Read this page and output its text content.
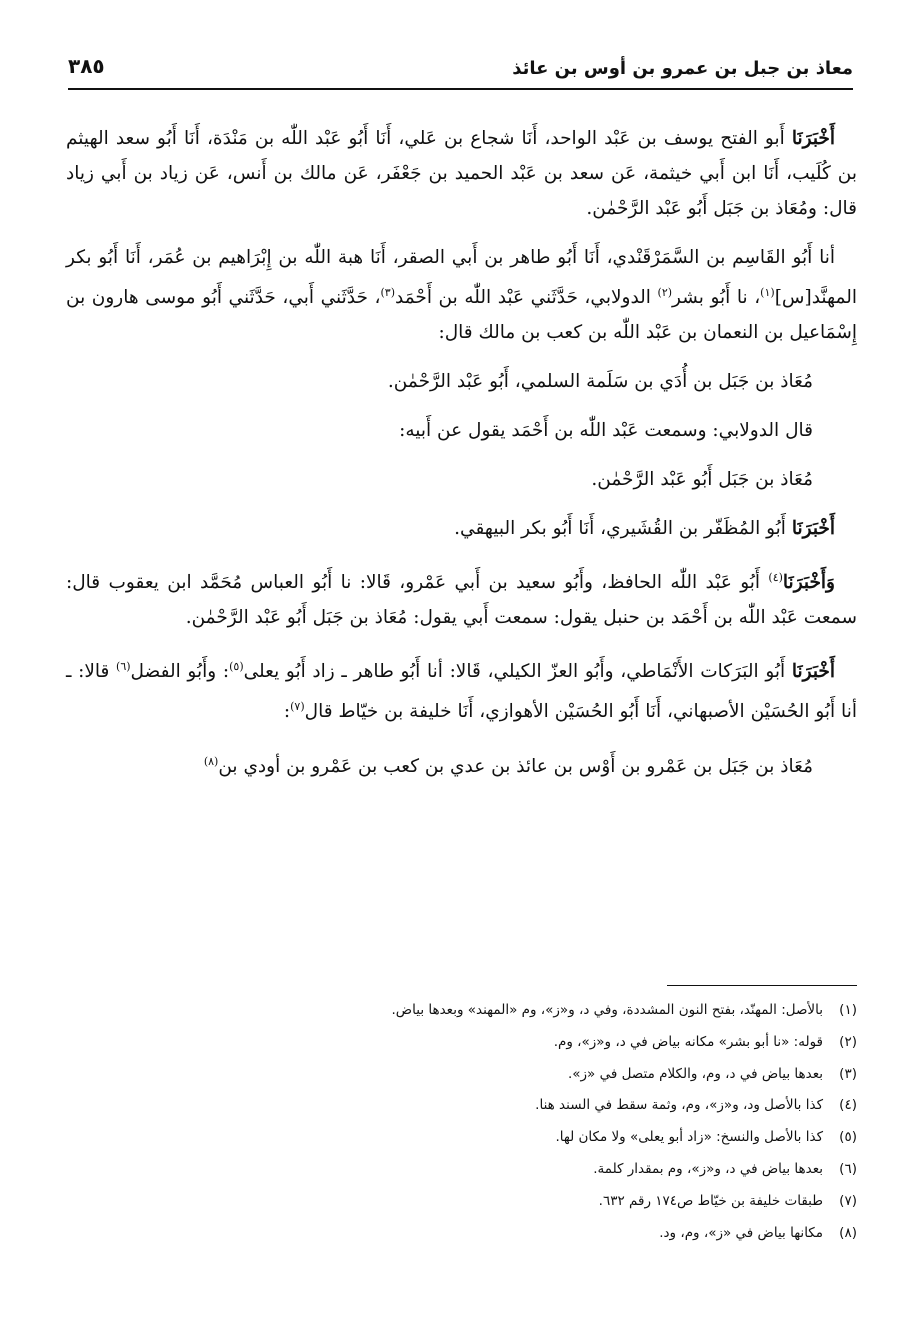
معاذ بن جبل بن عمرو بن أوس بن عائذ
٣٨٥

أَخْبَرَنَا أَبو الفتح يوسف بن عَبْد الواحد، أَنَا شجاع بن عَلي، أَنَا أَبُو عَبْد اللّٰه بن مَنْدَة، أَنَا أَبُو سعد الهيثم بن كُلَيب، أَنَا ابن أَبي خيثمة، عَن سعد بن عَبْد الحميد بن جَعْفَر، عَن مالك بن أَنس، عَن زياد بن أَبي زياد قال: ومُعَاذ بن جَبَل أَبُو عَبْد الرَّحْمٰن.

أنا أَبُو القَاسِم بن السَّمَرْقَنْدي، أَنَا أَبُو طاهر بن أَبي الصقر، أَنَا هبة اللّٰه بن إِبْرَاهيم بن عُمَر، أَنَا أَبُو بكر المهنَّد[س]$^{(١)}$، نا أَبُو بشر$^{(٢)}$ الدولابي، حَدَّثَني عَبْد اللّٰه بن أَحْمَد$^{(٣)}$، حَدَّثَني أَبي، حَدَّثَني أَبُو موسى هارون بن إِسْمَاعيل بن النعمان بن عَبْد اللّٰه بن كعب بن مالك قال:

مُعَاذ بن جَبَل بن أُدَي بن سَلَمة السلمي، أَبُو عَبْد الرَّحْمٰن.

قال الدولابي: وسمعت عَبْد اللّٰه بن أَحْمَد يقول عن أَبيه:

مُعَاذ بن جَبَل أَبُو عَبْد الرَّحْمٰن.

أَخْبَرَنَا أَبُو المُظَفّر بن القُشَيري، أَنَا أَبُو بكر البيهقي.

وَأَخْبَرَنَا$^{(٤)}$ أَبُو عَبْد اللّٰه الحافظ، وأَبُو سعيد بن أَبي عَمْرو، قَالا: نا أَبُو العباس مُحَمَّد ابن يعقوب قال: سمعت عَبْد اللّٰه بن أَحْمَد بن حنبل يقول: سمعت أَبي يقول: مُعَاذ بن جَبَل أَبُو عَبْد الرَّحْمٰن.

أَخْبَرَنَا أَبُو البَرَكات الأَنْمَاطي، وأَبُو العزّ الكيلي، قَالا: أنا أَبُو طاهر ـ زاد أَبُو يعلى$^{(٥)}$: وأَبُو الفضل$^{(٦)}$ قالا: ـ أنا أَبُو الحُسَيْن الأصبهاني، أَنَا أَبُو الحُسَيْن الأهوازي، أَنَا خليفة بن خيّاط قال$^{(٧)}$:

مُعَاذ بن جَبَل بن عَمْرو بن أَوْس بن عائذ بن عدي بن كعب بن عَمْرو بن أودي بن$^{(٨)}$

(١)
بالأصل: المهنّد، بفتح النون المشددة، وفي د، و«ز»، وم «المهند» وبعدها بياض.
(٢)
قوله: «نا أبو بشر» مكانه بياض في د، و«ز»، وم.
(٣)
بعدها بياض في د، وم، والكلام متصل في «ز».
(٤)
كذا بالأصل ود، و«ز»، وم، وثمة سقط في السند هنا.
(٥)
كذا بالأصل والنسخ: «زاد أبو يعلى» ولا مكان لها.
(٦)
بعدها بياض في د، و«ز»، وم بمقدار كلمة.
(٧)
طبقات خليفة بن خيّاط ص١٧٤ رقم ٦٣٢.
(٨)
مكانها بياض في «ز»، وم، ود.
